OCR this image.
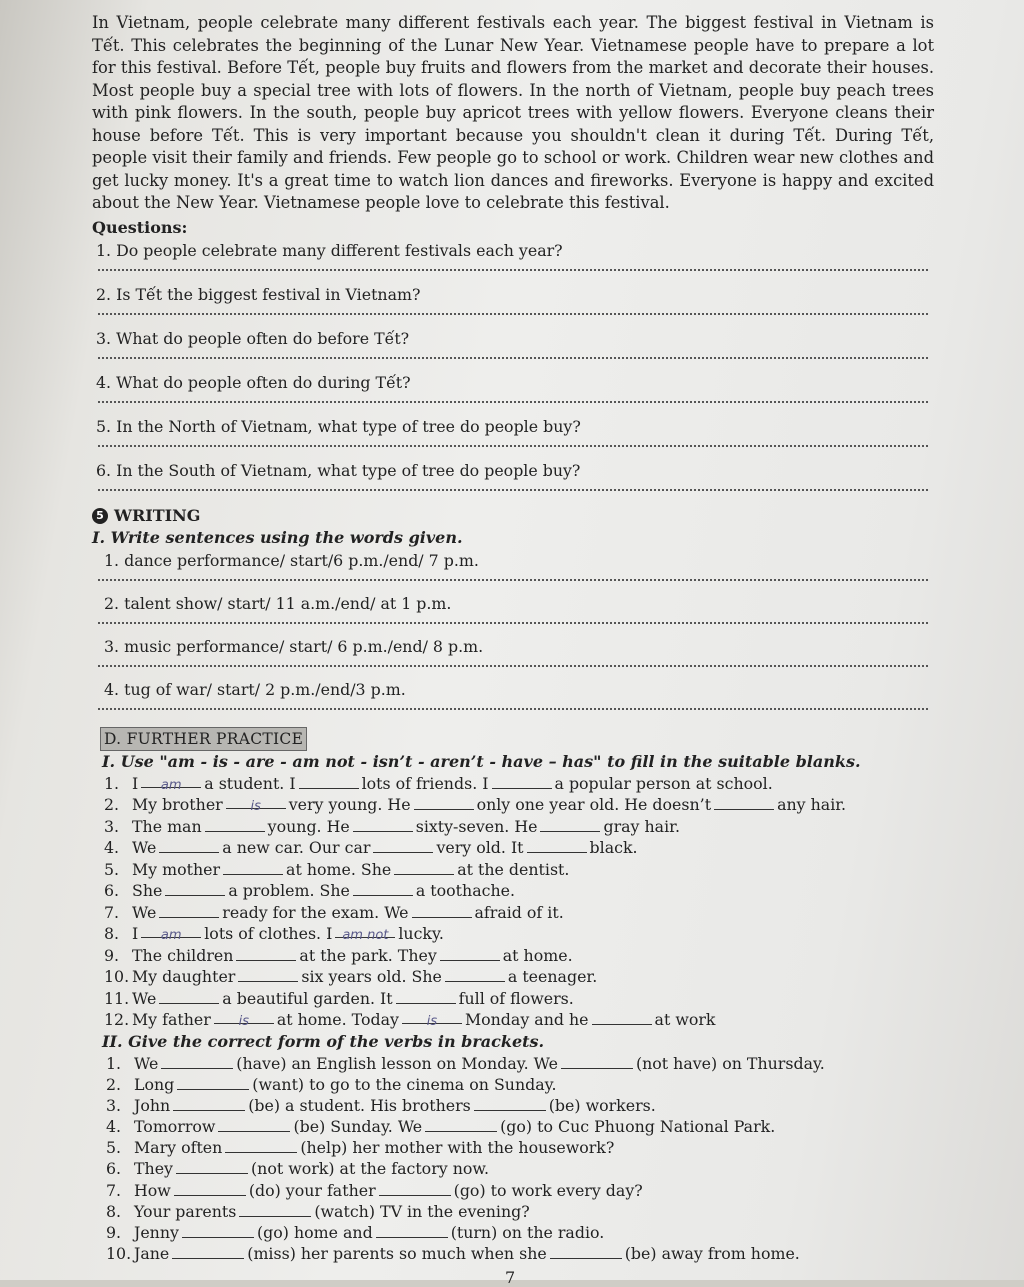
In Vietnam, people celebrate many different festivals each year. The biggest festival in Vietnam is Tết. This celebrates the beginning of the Lunar New Year. Vietnamese people have to prepare a lot for this festival. Before Tết, people buy fruits and flowers from the market and decorate their houses. Most people buy a special tree with lots of flowers. In the north of Vietnam, people buy peach trees with pink flowers. In the south, people buy apricot trees with yellow flowers. Everyone cleans their house before Tết. This is very important because you shouldn't clean it during Tết. During Tết, people visit their family and friends. Few people go to school or work. Children wear new clothes and get lucky money. It's a great time to watch lion dances and fireworks. Everyone is happy and excited about the New Year. Vietnamese people love to celebrate this festival.

Questions:
1. Do people celebrate many different festivals each year?
2. Is Tết the biggest festival in Vietnam?
3. What do people often do before Tết?
4. What do people often do during Tết?
5. In the North of Vietnam, what type of tree do people buy?
6. In the South of Vietnam, what type of tree do people buy?
5 WRITING
I. Write sentences using the words given.
1. dance performance/ start/6 p.m./end/ 7 p.m.
2. talent show/ start/ 11 a.m./end/ at 1 p.m.
3. music performance/ start/ 6 p.m./end/ 8 p.m.
4. tug of war/ start/ 2 p.m./end/3 p.m.
D. FURTHER PRACTICE
I. Use "am - is - are - am not - isn’t - aren’t - have – has" to fill in the suitable blanks.
1. I am a student. I	lots of friends. I	a popular person at school.
2. My brother is very young. He	only one year old. He doesn’t	any hair.
3. The man	young. He	sixty-seven. He	gray hair.
4. We	a new car. Our car	very old. It	black.
5. My mother	at home. She	at the dentist.
6. She	a problem. She	a toothache.
7. We	ready for the exam. We	afraid of it.
8. I am lots of clothes. I am not lucky.
9. The children	at the park. They	at home.
10. My daughter	six years old. She	a teenager.
11. We	a beautiful garden. It	full of flowers.
12. My father is at home. Today is Monday and he	at work
II. Give the correct form of the verbs in brackets.
1. We	(have) an English lesson on Monday. We	(not have) on Thursday.
2. Long	(want) to go to the cinema on Sunday.
3. John	(be) a student. His brothers	(be) workers.
4. Tomorrow	(be) Sunday. We	(go) to Cuc Phuong National Park.
5. Mary often	(help) her mother with the housework?
6. They	(not work) at the factory now.
7. How	(do) your father	(go) to work every day?
8. Your parents	(watch) TV in the evening?
9. Jenny	(go) home and	(turn) on the radio.
10. Jane	(miss) her parents so much when she	(be) away from home.
7
